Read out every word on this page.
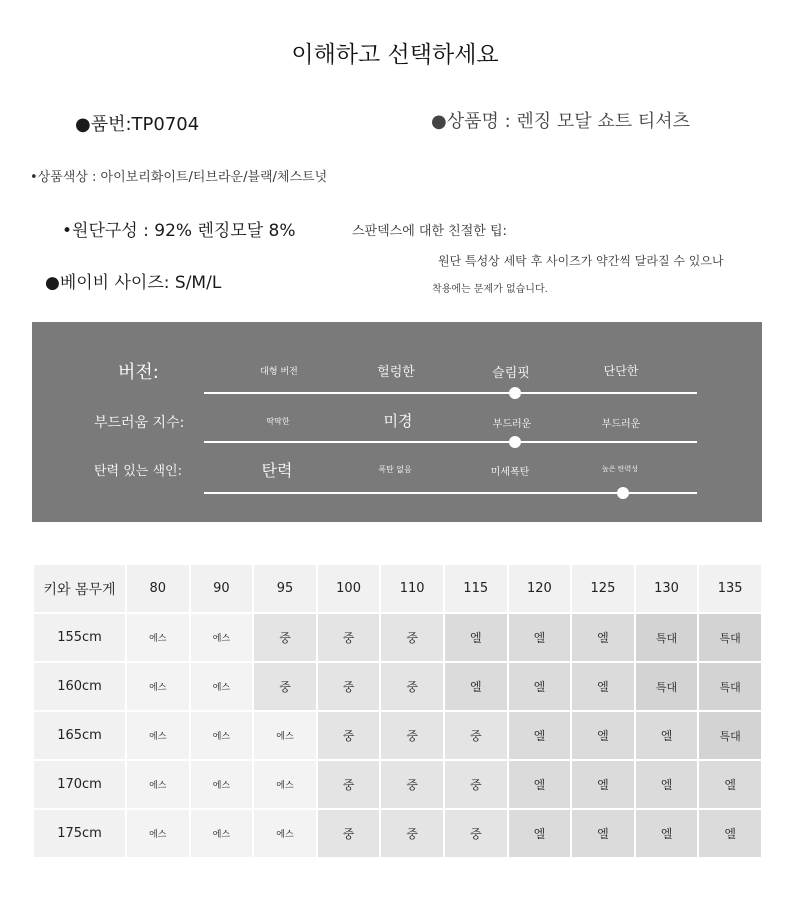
이해하고 선택하세요
●품번:TP0704	●상품명 : 렌징 모달 쇼트 티셔츠
•상품색상 : 아이보리화이트/티브라운/블랙/체스트넛
•원단구성 : 92% 렌징모달 8%	스판덱스에 대한 친절한 팁:
●베이비 사이즈: S/M/L
원단 특성상 세탁 후 사이즈가 약간씩 달라질 수 있으나
착용에는 문제가 없습니다.
버전:	대형 버전	헐렁한	슬림핏	단단한
부드러움 지수:	딱딱한	미경	부드러운	부드러운
탄력 있는 색인:	탄력	폭탄 없음	미세폭탄	높은 탄력성
키와 몸무게	80	90	95	100	110	115	120	125	130	135
155cm	에스	에스	중	중	중	엘	엘	엘	특대	특대
160cm	에스	에스	중	중	중	엘	엘	엘	특대	특대
165cm	에스	에스	에스	중	중	중	엘	엘	엘	특대
170cm	에스	에스	에스	중	중	중	엘	엘	엘	엘
175cm	에스	에스	에스	중	중	중	엘	엘	엘	엘
